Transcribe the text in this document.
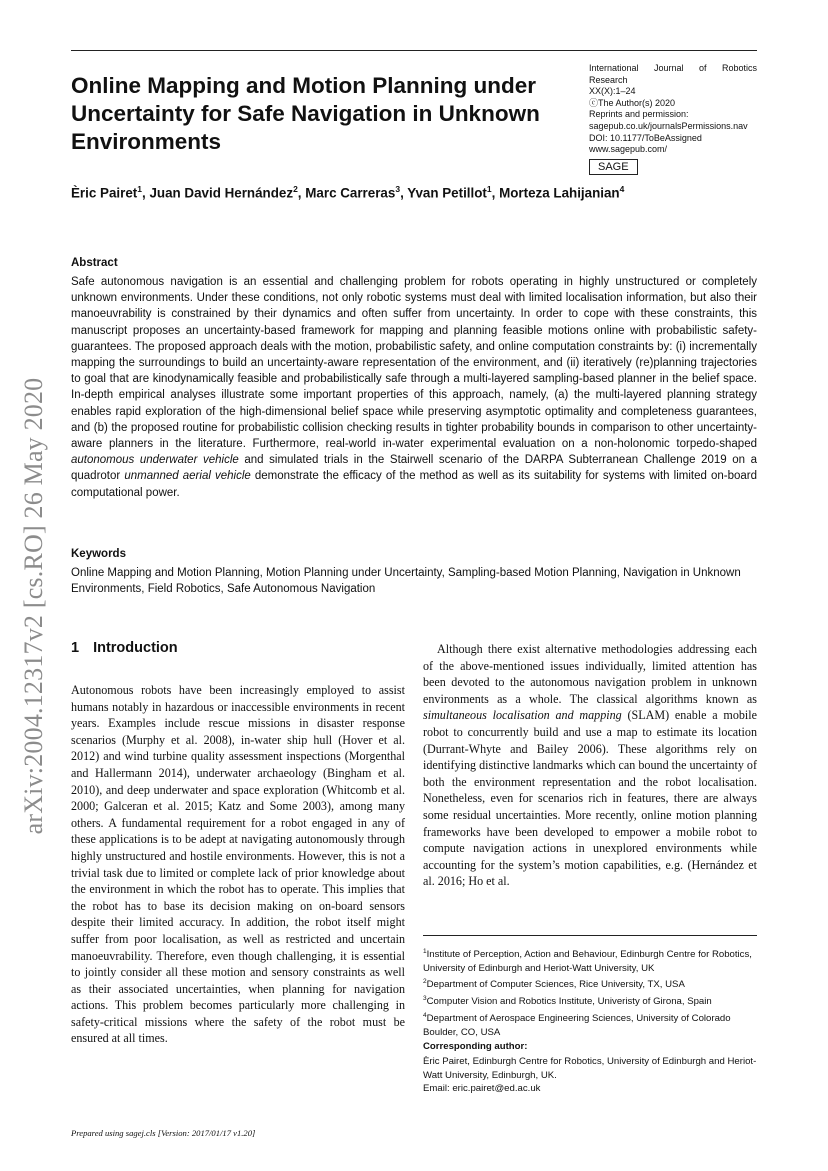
arXiv:2004.12317v2 [cs.RO] 26 May 2020
Online Mapping and Motion Planning under Uncertainty for Safe Navigation in Unknown Environments
International Journal of Robotics
Research
XX(X):1–24
ⓒThe Author(s) 2020
Reprints and permission:
sagepub.co.uk/journalsPermissions.nav
DOI: 10.1177/ToBeAssigned
www.sagepub.com/
SAGE
Èric Pairet$^1$, Juan David Hernández$^2$, Marc Carreras$^3$, Yvan Petillot$^1$, Morteza Lahijanian$^4$
Abstract

Safe autonomous navigation is an essential and challenging problem for robots operating in highly unstructured or completely unknown environments. Under these conditions, not only robotic systems must deal with limited localisation information, but also their manoeuvrability is constrained by their dynamics and often suffer from uncertainty. In order to cope with these constraints, this manuscript proposes an uncertainty-based framework for mapping and planning feasible motions online with probabilistic safety-guarantees. The proposed approach deals with the motion, probabilistic safety, and online computation constraints by: (i) incrementally mapping the surroundings to build an uncertainty-aware representation of the environment, and (ii) iteratively (re)planning trajectories to goal that are kinodynamically feasible and probabilistically safe through a multi-layered sampling-based planner in the belief space. In-depth empirical analyses illustrate some important properties of this approach, namely, (a) the multi-layered planning strategy enables rapid exploration of the high-dimensional belief space while preserving asymptotic optimality and completeness guarantees, and (b) the proposed routine for probabilistic collision checking results in tighter probability bounds in comparison to other uncertainty-aware planners in the literature. Furthermore, real-world in-water experimental evaluation on a non-holonomic torpedo-shaped autonomous underwater vehicle and simulated trials in the Stairwell scenario of the DARPA Subterranean Challenge 2019 on a quadrotor unmanned aerial vehicle demonstrate the efficacy of the method as well as its suitability for systems with limited on-board computational power.

Keywords

Online Mapping and Motion Planning, Motion Planning under Uncertainty, Sampling-based Motion Planning, Navigation in Unknown Environments, Field Robotics, Safe Autonomous Navigation

1 Introduction

Autonomous robots have been increasingly employed to assist humans notably in hazardous or inaccessible environments in recent years. Examples include rescue missions in disaster response scenarios (Murphy et al. 2008), in-water ship hull (Hover et al. 2012) and wind turbine quality assessment inspections (Morgenthal and Hallermann 2014), underwater archaeology (Bingham et al. 2010), and deep underwater and space exploration (Whitcomb et al. 2000; Galceran et al. 2015; Katz and Some 2003), among many others. A fundamental requirement for a robot engaged in any of these applications is to be adept at navigating autonomously through highly unstructured and hostile environments. However, this is not a trivial task due to limited or complete lack of prior knowledge about the environment in which the robot has to operate. This implies that the robot has to base its decision making on on-board sensors despite their limited accuracy. In addition, the robot itself might suffer from poor localisation, as well as restricted and uncertain manoeuvrability. Therefore, even though challenging, it is essential to jointly consider all these motion and sensory constraints as well as their associated uncertainties, when planning for navigation actions. This problem becomes particularly more challenging in safety-critical missions where the safety of the robot must be ensured at all times.

Although there exist alternative methodologies addressing each of the above-mentioned issues individually, limited attention has been devoted to the autonomous navigation problem in unknown environments as a whole. The classical algorithms known as simultaneous localisation and mapping (SLAM) enable a mobile robot to concurrently build and use a map to estimate its location (Durrant-Whyte and Bailey 2006). These algorithms rely on identifying distinctive landmarks which can bound the uncertainty of both the environment representation and the robot localisation. Nonetheless, even for scenarios rich in features, there are always some residual uncertainties. More recently, online motion planning frameworks have been developed to empower a mobile robot to compute navigation actions in unexplored environments while accounting for the system’s motion capabilities, e.g. (Hernández et al. 2016; Ho et al.

$^1$Institute of Perception, Action and Behaviour, Edinburgh Centre for Robotics, University of Edinburgh and Heriot-Watt University, UK
$^2$Department of Computer Sciences, Rice University, TX, USA
$^3$Computer Vision and Robotics Institute, Univeristy of Girona, Spain
$^4$Department of Aerospace Engineering Sciences, University of Colorado Boulder, CO, USA
Corresponding author:
Èric Pairet, Edinburgh Centre for Robotics, University of Edinburgh and Heriot-Watt University, Edinburgh, UK.
Email: eric.pairet@ed.ac.uk
Prepared using sagej.cls [Version: 2017/01/17 v1.20]
